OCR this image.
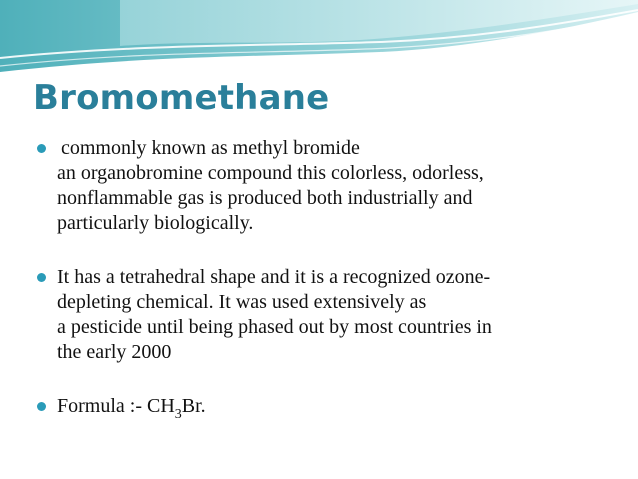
Bromomethane
commonly known as methyl bromide
an organobromine compound this colorless, odorless,
nonflammable gas is produced both industrially and
particularly biologically.
It has a tetrahedral shape and it is a recognized ozone-
depleting chemical. It was used extensively as
a pesticide until being phased out by most countries in
the early 2000
Formula :- $CH_3Br$.
